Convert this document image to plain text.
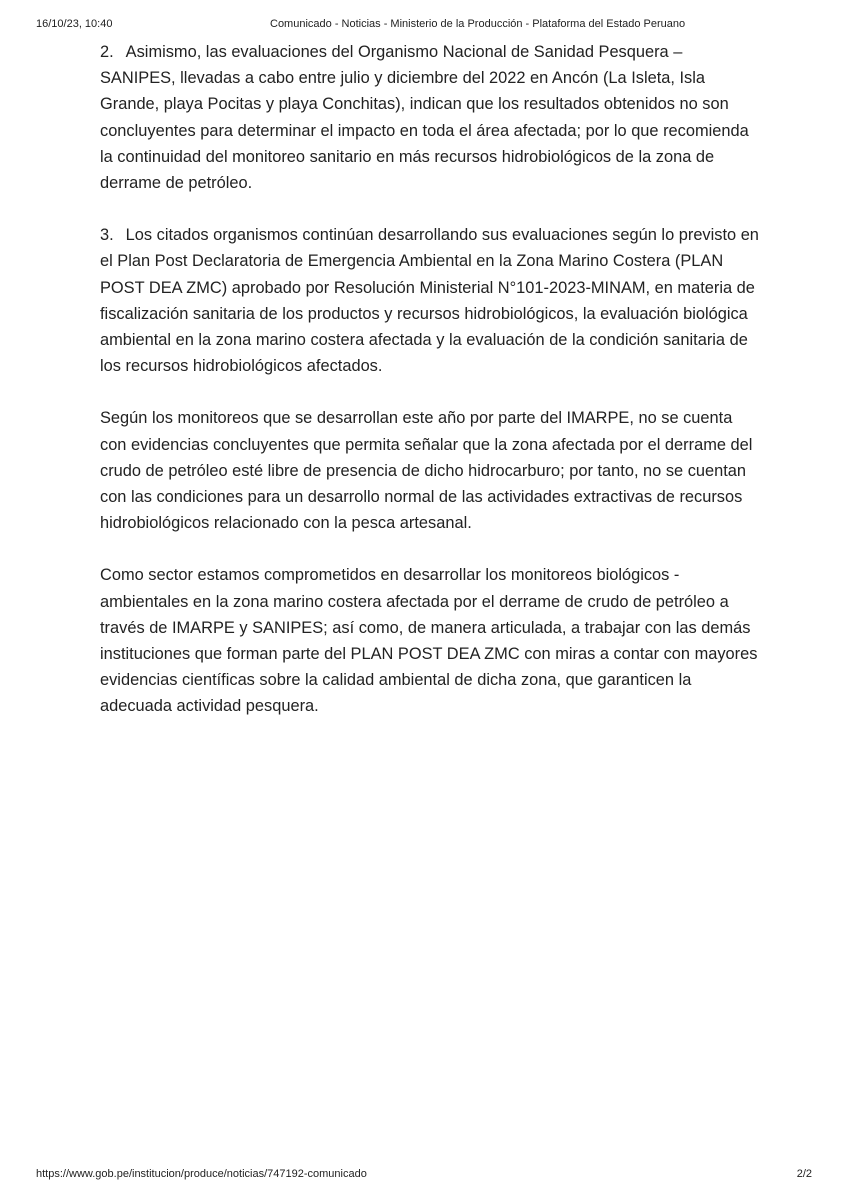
16/10/23, 10:40	Comunicado - Noticias - Ministerio de la Producción - Plataforma del Estado Peruano

2. Asimismo, las evaluaciones del Organismo Nacional de Sanidad Pesquera – SANIPES, llevadas a cabo entre julio y diciembre del 2022 en Ancón (La Isleta, Isla Grande, playa Pocitas y playa Conchitas), indican que los resultados obtenidos no son concluyentes para determinar el impacto en toda el área afectada; por lo que recomienda la continuidad del monitoreo sanitario en más recursos hidrobiológicos de la zona de derrame de petróleo.

3. Los citados organismos continúan desarrollando sus evaluaciones según lo previsto en el Plan Post Declaratoria de Emergencia Ambiental en la Zona Marino Costera (PLAN POST DEA ZMC) aprobado por Resolución Ministerial N°101-2023-MINAM, en materia de fiscalización sanitaria de los productos y recursos hidrobiológicos, la evaluación biológica ambiental en la zona marino costera afectada y la evaluación de la condición sanitaria de los recursos hidrobiológicos afectados.

Según los monitoreos que se desarrollan este año por parte del IMARPE, no se cuenta con evidencias concluyentes que permita señalar que la zona afectada por el derrame del crudo de petróleo esté libre de presencia de dicho hidrocarburo; por tanto, no se cuentan con las condiciones para un desarrollo normal de las actividades extractivas de recursos hidrobiológicos relacionado con la pesca artesanal.

Como sector estamos comprometidos en desarrollar los monitoreos biológicos - ambientales en la zona marino costera afectada por el derrame de crudo de petróleo a través de IMARPE y SANIPES; así como, de manera articulada, a trabajar con las demás instituciones que forman parte del PLAN POST DEA ZMC con miras a contar con mayores evidencias científicas sobre la calidad ambiental de dicha zona, que garanticen la adecuada actividad pesquera.

https://www.gob.pe/institucion/produce/noticias/747192-comunicado	2/2
